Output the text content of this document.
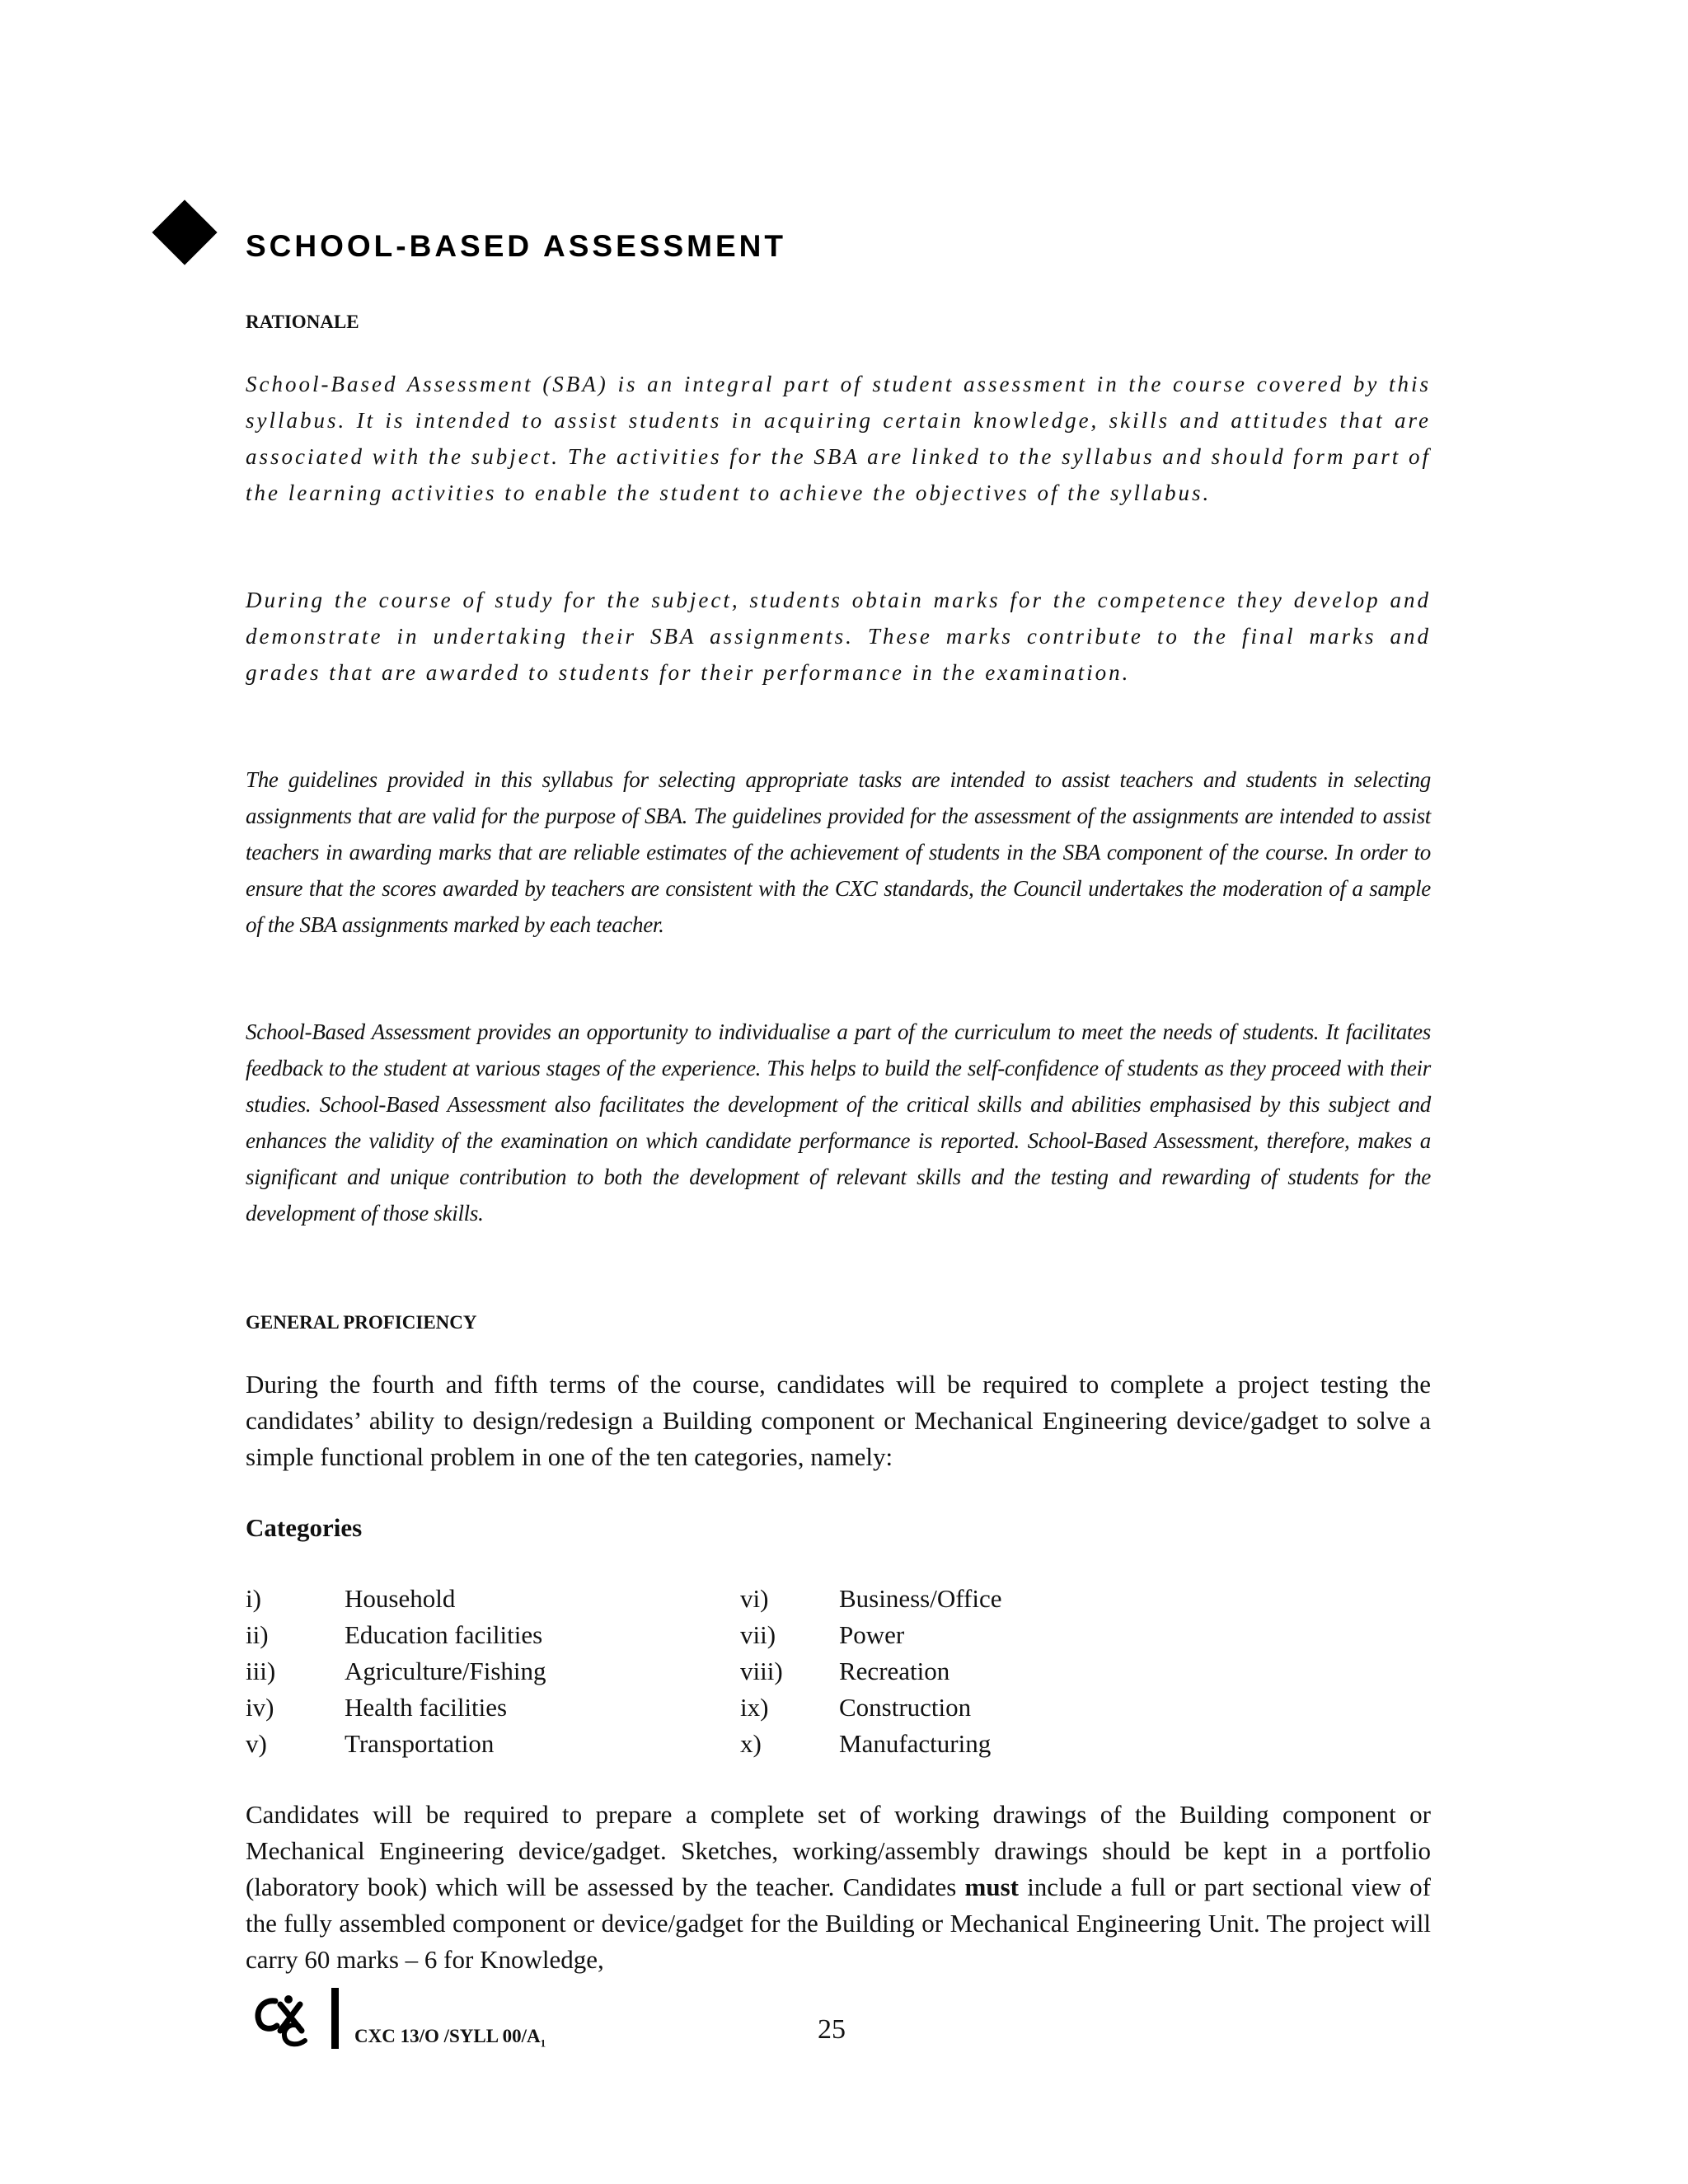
SCHOOL-BASED ASSESSMENT
RATIONALE

School-Based Assessment (SBA) is an integral part of student assessment in the course covered by this syllabus. It is intended to assist students in acquiring certain knowledge, skills and attitudes that are associated with the subject. The activities for the SBA are linked to the syllabus and should form part of the learning activities to enable the student to achieve the objectives of the syllabus.

During the course of study for the subject, students obtain marks for the competence they develop and demonstrate in undertaking their SBA assignments. These marks contribute to the final marks and grades that are awarded to students for their performance in the examination.

The guidelines provided in this syllabus for selecting appropriate tasks are intended to assist teachers and students in selecting assignments that are valid for the purpose of SBA. The guidelines provided for the assessment of the assignments are intended to assist teachers in awarding marks that are reliable estimates of the achievement of students in the SBA component of the course. In order to ensure that the scores awarded by teachers are consistent with the CXC standards, the Council undertakes the moderation of a sample of the SBA assignments marked by each teacher.

School-Based Assessment provides an opportunity to individualise a part of the curriculum to meet the needs of students. It facilitates feedback to the student at various stages of the experience. This helps to build the self-confidence of students as they proceed with their studies. School-Based Assessment also facilitates the development of the critical skills and abilities emphasised by this subject and enhances the validity of the examination on which candidate performance is reported. School-Based Assessment, therefore, makes a significant and unique contribution to both the development of relevant skills and the testing and rewarding of students for the development of those skills.

GENERAL PROFICIENCY

During the fourth and fifth terms of the course, candidates will be required to complete a project testing the candidates’ ability to design/redesign a Building component or Mechanical Engineering device/gadget to solve a simple functional problem in one of the ten categories, namely:

Categories

i)	Household	vi)	Business/Office
ii)	Education facilities	vii) Power
iii)	Agriculture/Fishing	viii) Recreation
iv)	Health facilities	ix)	Construction
v)	Transportation	x)	Manufacturing

Candidates will be required to prepare a complete set of working drawings of the Building component or Mechanical Engineering device/gadget. Sketches, working/assembly drawings should be kept in a portfolio (laboratory book) which will be assessed by the teacher. Candidates must include a full or part sectional view of the fully assembled component or device/gadget for the Building or Mechanical Engineering Unit. The project will carry 60 marks – 6 for Knowledge,

CXC 13/O /SYLL $00/A_1$	25
